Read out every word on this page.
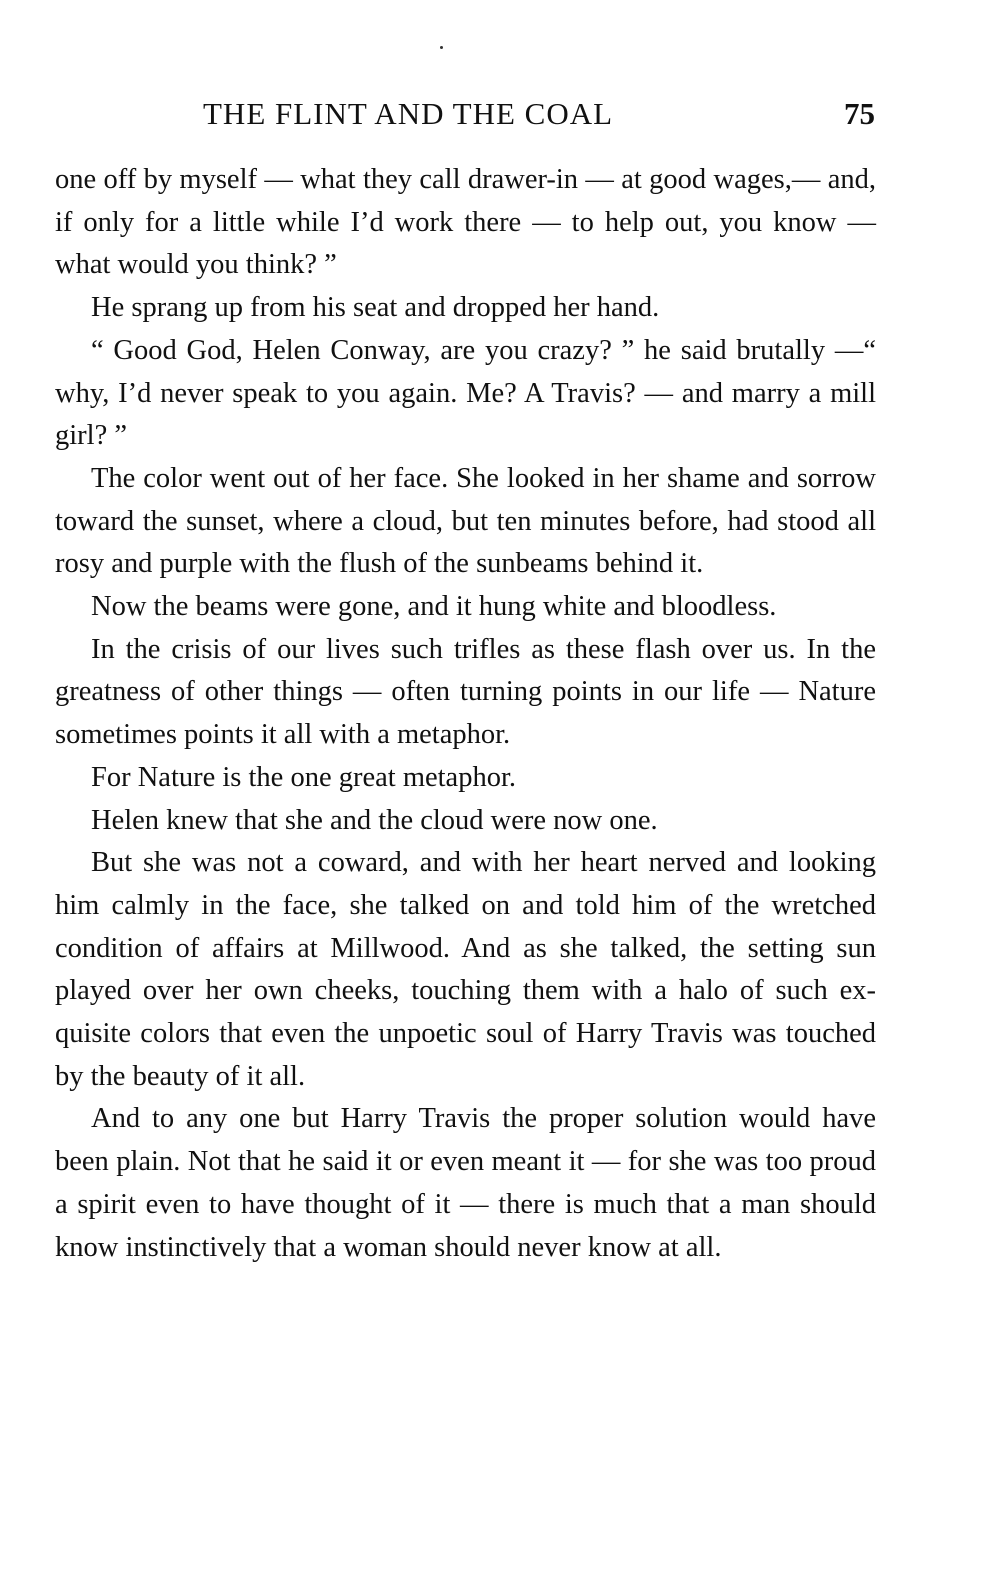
THE FLINT AND THE COAL	75

one off by myself — what they call drawer-in — at good wages,— and, if only for a little while I’d work there — to help out, you know — what would you think? ”

He sprang up from his seat and dropped her hand.

“ Good God, Helen Conway, are you crazy? ” he said brutally —“ why, I’d never speak to you again. Me? A Travis? — and marry a mill girl? ”

The color went out of her face. She looked in her shame and sorrow toward the sunset, where a cloud, but ten minutes before, had stood all rosy and purple with the flush of the sunbeams behind it.

Now the beams were gone, and it hung white and bloodless.

In the crisis of our lives such trifles as these flash over us. In the greatness of other things — often turning points in our life — Nature sometimes points it all with a metaphor.

For Nature is the one great metaphor.

Helen knew that she and the cloud were now one.

But she was not a coward, and with her heart nerved and looking him calmly in the face, she talked on and told him of the wretched condition of affairs at Millwood. And as she talked, the setting sun played over her own cheeks, touching them with a halo of such exquisite colors that even the unpoetic soul of Harry Travis was touched by the beauty of it all.

And to any one but Harry Travis the proper solution would have been plain. Not that he said it or even meant it — for she was too proud a spirit even to have thought of it — there is much that a man should know instinctively that a woman should never know at all.
